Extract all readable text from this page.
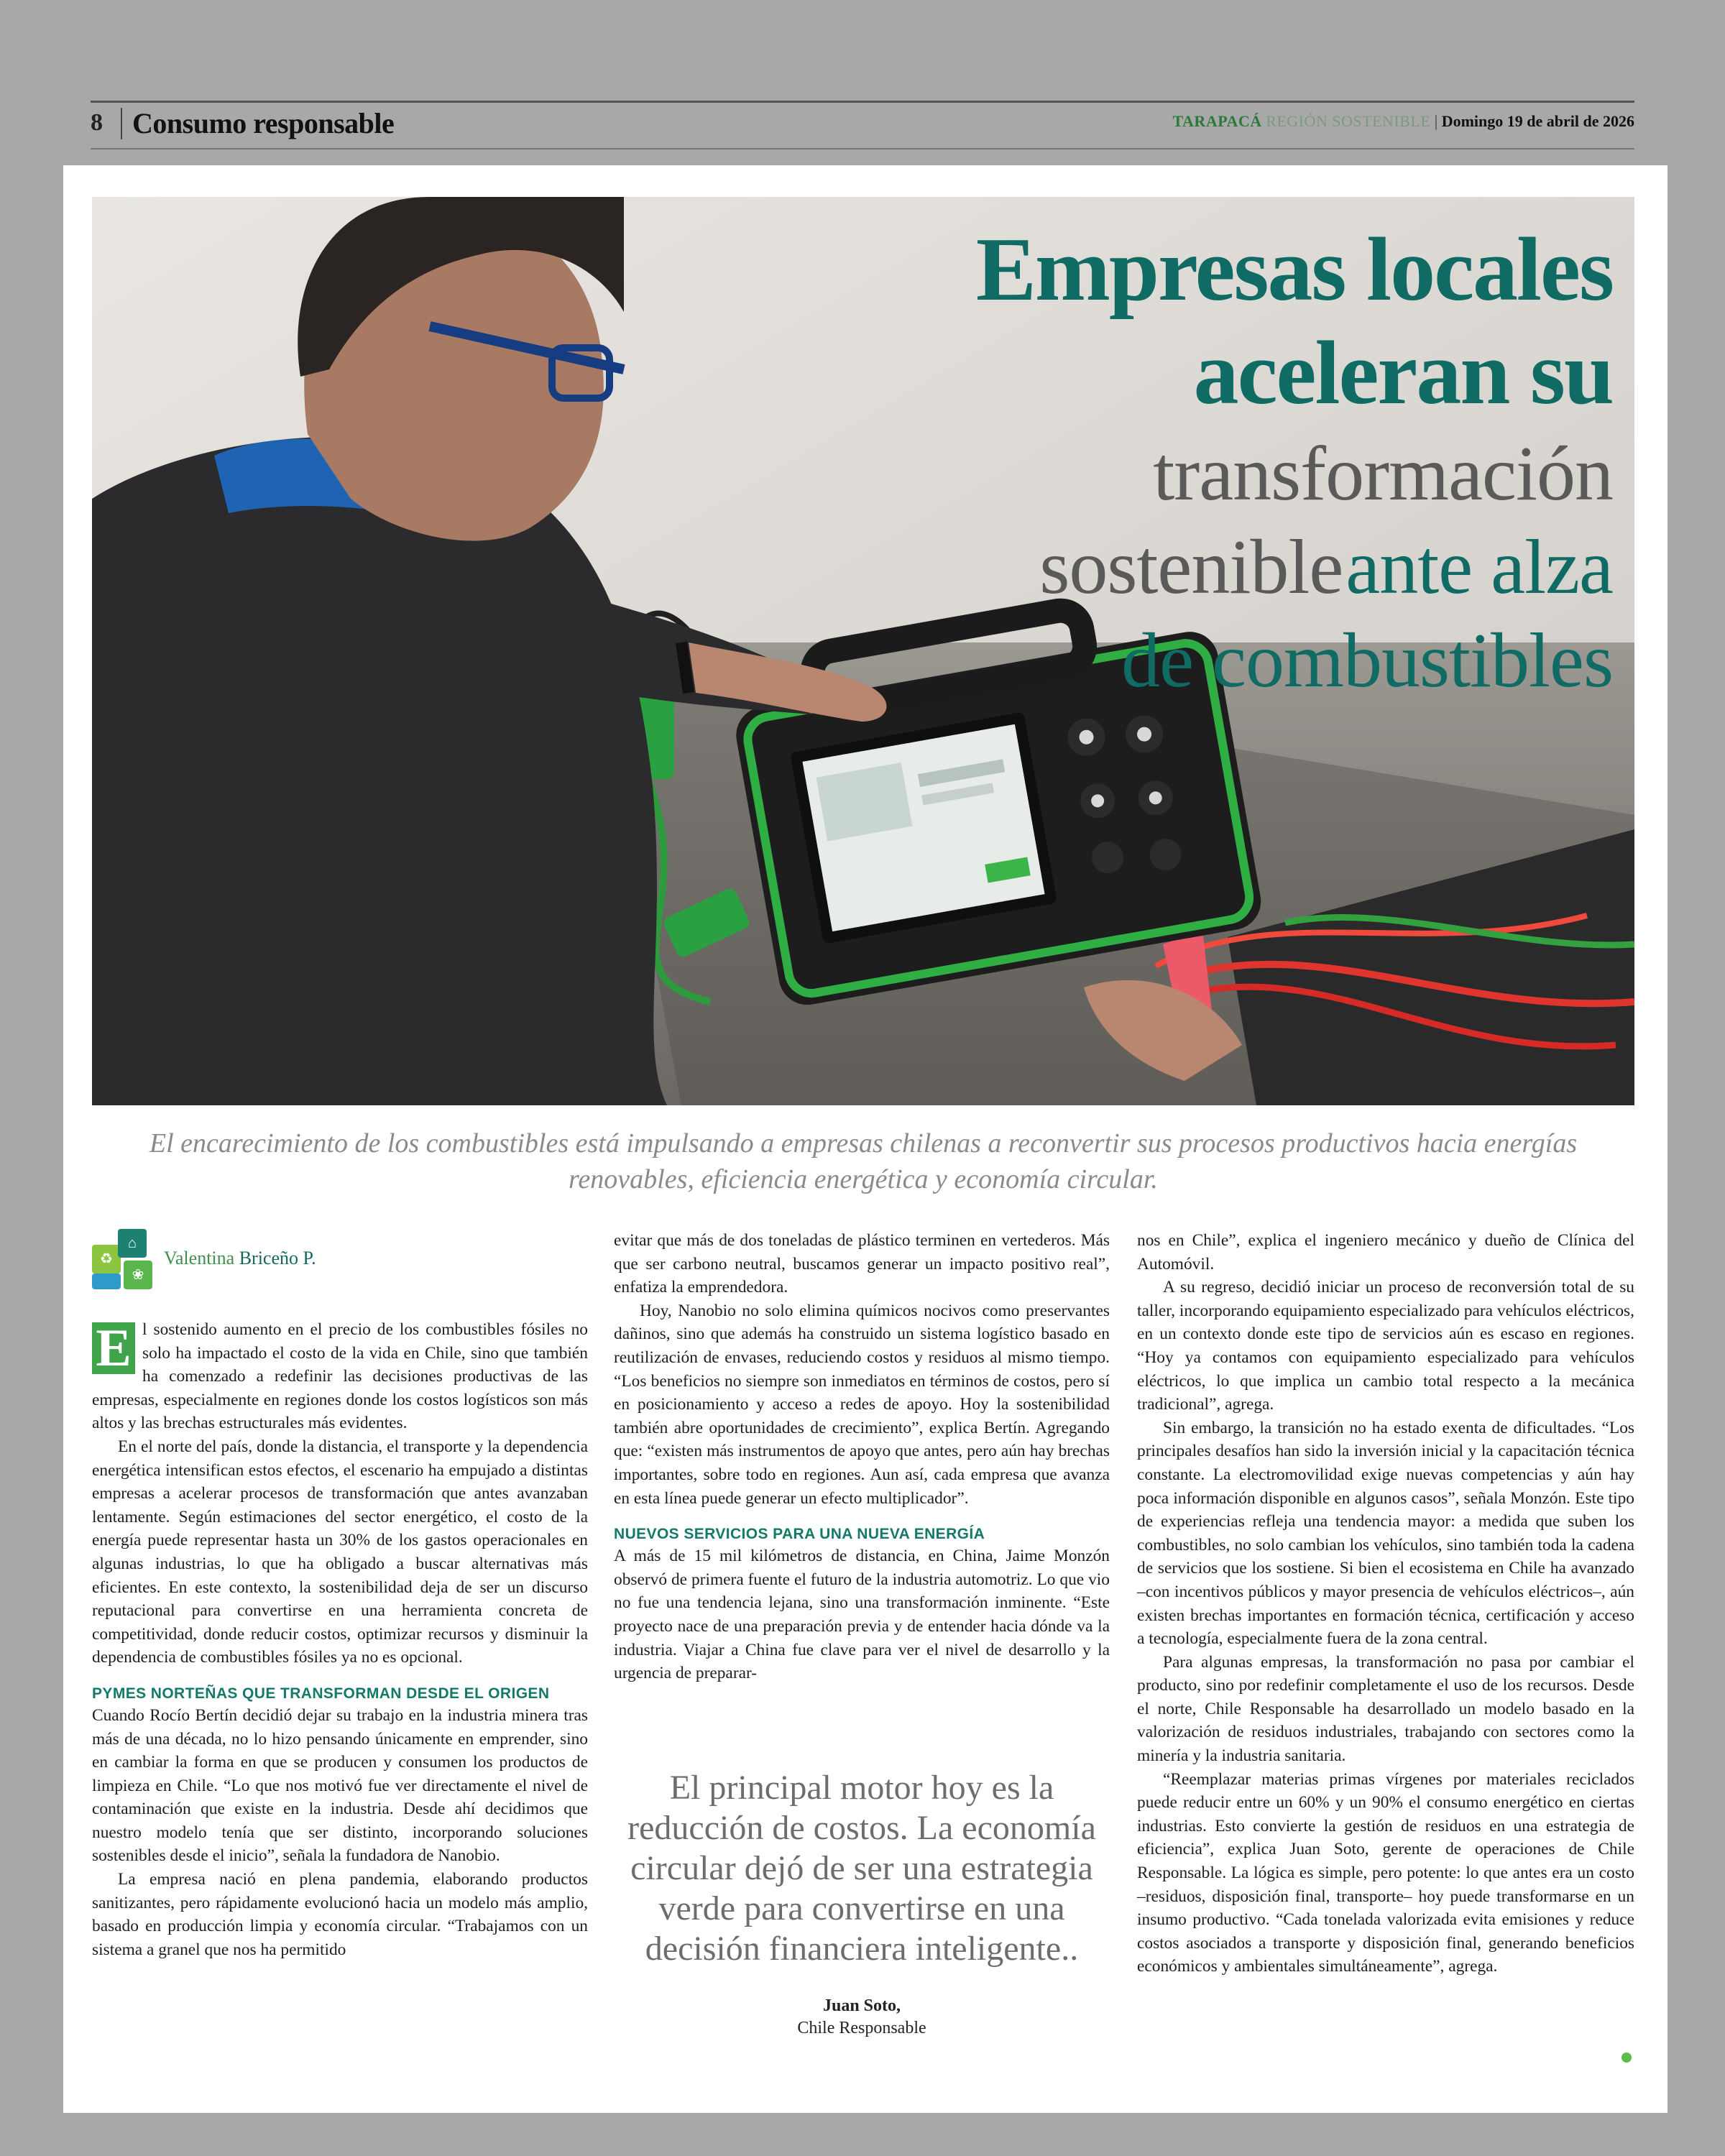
8 Consumo responsable	TARAPACÁ REGIÓN SOSTENIBLE | Domingo 19 de abril de 2026
Empresas locales
aceleran su
transformación
sostenible ante alza
de combustibles
El encarecimiento de los combustibles está impulsando a empresas chilenas a reconvertir sus procesos productivos hacia energías renovables, eficiencia energética y economía circular.
♻
⌂
❀
Valentina Briceño P.

E l sostenido aumento en el precio de los combustibles fósiles no solo ha impactado el costo de la vida en Chile, sino que también ha comenzado a redefinir las decisiones productivas de las empresas, especialmente en regiones donde los costos logísticos son más altos y las brechas estructurales más evidentes.

En el norte del país, donde la distancia, el transporte y la dependencia energética intensifican estos efectos, el escenario ha empujado a distintas empresas a acelerar procesos de transformación que antes avanzaban lentamente. Según estimaciones del sector energético, el costo de la energía puede representar hasta un 30% de los gastos operacionales en algunas industrias, lo que ha obligado a buscar alternativas más eficientes. En este contexto, la sostenibilidad deja de ser un discurso reputacional para convertirse en una herramienta concreta de competitividad, donde reducir costos, optimizar recursos y disminuir la dependencia de combustibles fósiles ya no es opcional.

PYMES NORTEÑAS QUE TRANSFORMAN DESDE EL ORIGEN

Cuando Rocío Bertín decidió dejar su trabajo en la industria minera tras más de una década, no lo hizo pensando únicamente en emprender, sino en cambiar la forma en que se producen y consumen los productos de limpieza en Chile. “Lo que nos motivó fue ver directamente el nivel de contaminación que existe en la industria. Desde ahí decidimos que nuestro modelo tenía que ser distinto, incorporando soluciones sostenibles desde el inicio”, señala la fundadora de Nanobio.

La empresa nació en plena pandemia, elaborando productos sanitizantes, pero rápidamente evolucionó hacia un modelo más amplio, basado en producción limpia y economía circular. “Trabajamos con un sistema a granel que nos ha permitido

evitar que más de dos toneladas de plástico terminen en vertederos. Más que ser carbono neutral, buscamos generar un impacto positivo real”, enfatiza la emprendedora.

Hoy, Nanobio no solo elimina químicos nocivos como preservantes dañinos, sino que además ha construido un sistema logístico basado en reutilización de envases, reduciendo costos y residuos al mismo tiempo. “Los beneficios no siempre son inmediatos en términos de costos, pero sí en posicionamiento y acceso a redes de apoyo. Hoy la sostenibilidad también abre oportunidades de crecimiento”, explica Bertín. Agregando que: “existen más instrumentos de apoyo que antes, pero aún hay brechas importantes, sobre todo en regiones. Aun así, cada empresa que avanza en esta línea puede generar un efecto multiplicador”.

NUEVOS SERVICIOS PARA UNA NUEVA ENERGÍA

A más de 15 mil kilómetros de distancia, en China, Jaime Monzón observó de primera fuente el futuro de la industria automotriz. Lo que vio no fue una tendencia lejana, sino una transformación inminente. “Este proyecto nace de una preparación previa y de entender hacia dónde va la industria. Viajar a China fue clave para ver el nivel de desarrollo y la urgencia de preparar-

El principal motor hoy es la reducción de costos. La economía circular dejó de ser una estrategia verde para convertirse en una decisión financiera inteligente..
Juan Soto,
Chile Responsable

nos en Chile”, explica el ingeniero mecánico y dueño de Clínica del Automóvil.

A su regreso, decidió iniciar un proceso de reconversión total de su taller, incorporando equipamiento especializado para vehículos eléctricos, en un contexto donde este tipo de servicios aún es escaso en regiones. “Hoy ya contamos con equipamiento especializado para vehículos eléctricos, lo que implica un cambio total respecto a la mecánica tradicional”, agrega.

Sin embargo, la transición no ha estado exenta de dificultades. “Los principales desafíos han sido la inversión inicial y la capacitación técnica constante. La electromovilidad exige nuevas competencias y aún hay poca información disponible en algunos casos”, señala Monzón. Este tipo de experiencias refleja una tendencia mayor: a medida que suben los combustibles, no solo cambian los vehículos, sino también toda la cadena de servicios que los sostiene. Si bien el ecosistema en Chile ha avanzado –con incentivos públicos y mayor presencia de vehículos eléctricos–, aún existen brechas importantes en formación técnica, certificación y acceso a tecnología, especialmente fuera de la zona central.

Para algunas empresas, la transformación no pasa por cambiar el producto, sino por redefinir completamente el uso de los recursos. Desde el norte, Chile Responsable ha desarrollado un modelo basado en la valorización de residuos industriales, trabajando con sectores como la minería y la industria sanitaria.

“Reemplazar materias primas vírgenes por materiales reciclados puede reducir entre un 60% y un 90% el consumo energético en ciertas industrias. Esto convierte la gestión de residuos en una estrategia de eficiencia”, explica Juan Soto, gerente de operaciones de Chile Responsable. La lógica es simple, pero potente: lo que antes era un costo –residuos, disposición final, transporte– hoy puede transformarse en un insumo productivo. “Cada tonelada valorizada evita emisiones y reduce costos asociados a transporte y disposición final, generando beneficios económicos y ambientales simultáneamente”, agrega.
